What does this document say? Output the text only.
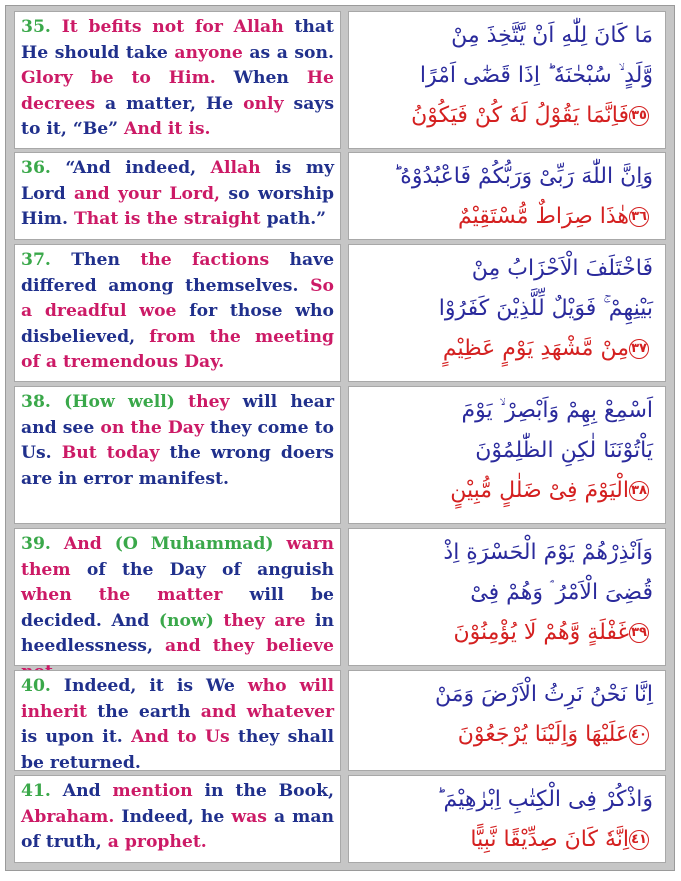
35. It befits not for Allah that He should take anyone as a son. Glory be to Him. When He decrees a matter, He only says to it, “Be” And it is.
مَا كَانَ لِلّٰهِ اَنْ يَّتَّخِذَ مِنْ
وَّلَدٍ ۙ سُبْحٰنَهٗ ؕ اِذَا قَضٰٓى اَمْرًا
٣٥فَاِنَّمَا يَقُوْلُ لَهٗ كُنْ فَيَكُوْنُ
36. “And indeed, Allah is my Lord and your Lord, so worship Him. That is the straight path.”
وَاِنَّ اللّٰهَ رَبِّىْ وَرَبُّكُمْ فَاعْبُدُوْهُ ؕ
٣٦هٰذَا صِرَاطٌ مُّسْتَقِيْمٌ
37. Then the factions have differed among themselves. So a dreadful woe for those who disbelieved, from the meeting of a tremendous Day.
فَاخْتَلَفَ الْاَحْزَابُ مِنْ
بَيْنِهِمْ ۚ فَوَيْلٌ لِّلَّذِيْنَ كَفَرُوْا
٣٧مِنْ مَّشْهَدِ يَوْمٍ عَظِيْمٍ
38. (How well) they will hear and see on the Day they come to Us. But today the wrong doers are in error manifest.
اَسْمِعْ بِهِمْ وَاَبْصِرْ ۙ يَوْمَ
يَاْتُوْنَنَا لٰكِنِ الظّٰلِمُوْنَ
٣٨الْيَوْمَ فِىْ ضَلٰلٍ مُّبِيْنٍ
39. And (O Muhammad) warn them of the Day of anguish when the matter will be decided. And (now) they are in heedlessness, and they believe
وَاَنْذِرْهُمْ يَوْمَ الْحَسْرَةِ اِذْ
قُضِىَ الْاَمْرُ ۘ وَهُمْ فِىْ
٣٩غَفْلَةٍ وَّهُمْ لَا يُؤْمِنُوْنَ
40. Indeed, it is We who will inherit the earth and whatever is upon it. And to Us they shall be returned.
اِنَّا نَحْنُ نَرِثُ الْاَرْضَ وَمَنْ
٤٠عَلَيْهَا وَاِلَيْنَا يُرْجَعُوْنَ
41. And mention in the Book, Abraham. Indeed, he was a man of truth, a prophet.
وَاذْكُرْ فِى الْكِتٰبِ اِبْرٰهِيْمَ ؕ
٤١اِنَّهٗ كَانَ صِدِّيْقًا نَّبِيًّا
